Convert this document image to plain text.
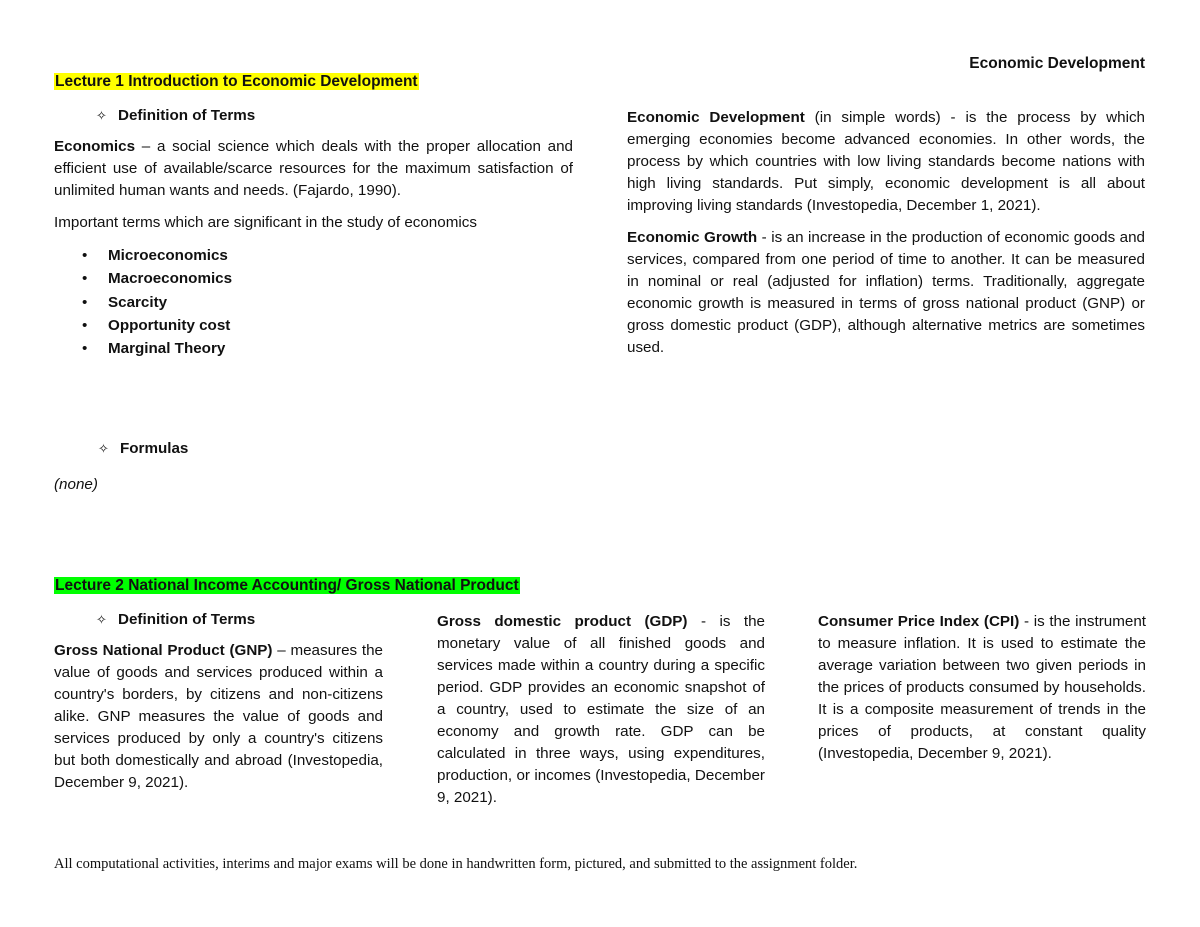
Economic Development
Lecture 1 Introduction to Economic Development
✧ Definition of Terms
Economics – a social science which deals with the proper allocation and efficient use of available/scarce resources for the maximum satisfaction of unlimited human wants and needs. (Fajardo, 1990).
Important terms which are significant in the study of economics
• Microeconomics
• Macroeconomics
• Scarcity
• Opportunity cost
• Marginal Theory
✧ Formulas
(none)
Economic Development (in simple words) - is the process by which emerging economies become advanced economies. In other words, the process by which countries with low living standards become nations with high living standards. Put simply, economic development is all about improving living standards (Investopedia, December 1, 2021).
Economic Growth - is an increase in the production of economic goods and services, compared from one period of time to another. It can be measured in nominal or real (adjusted for inflation) terms. Traditionally, aggregate economic growth is measured in terms of gross national product (GNP) or gross domestic product (GDP), although alternative metrics are sometimes used.
Lecture 2 National Income Accounting/ Gross National Product
✧ Definition of Terms
Gross National Product (GNP) – measures the value of goods and services produced within a country's borders, by citizens and non-citizens alike. GNP measures the value of goods and services produced by only a country's citizens but both domestically and abroad (Investopedia, December 9, 2021).
Gross domestic product (GDP) - is the monetary value of all finished goods and services made within a country during a specific period. GDP provides an economic snapshot of a country, used to estimate the size of an economy and growth rate. GDP can be calculated in three ways, using expenditures, production, or incomes (Investopedia, December 9, 2021).
Consumer Price Index (CPI) - is the instrument to measure inflation. It is used to estimate the average variation between two given periods in the prices of products consumed by households. It is a composite measurement of trends in the prices of products, at constant quality (Investopedia, December 9, 2021).
All computational activities, interims and major exams will be done in handwritten form, pictured, and submitted to the assignment folder.
